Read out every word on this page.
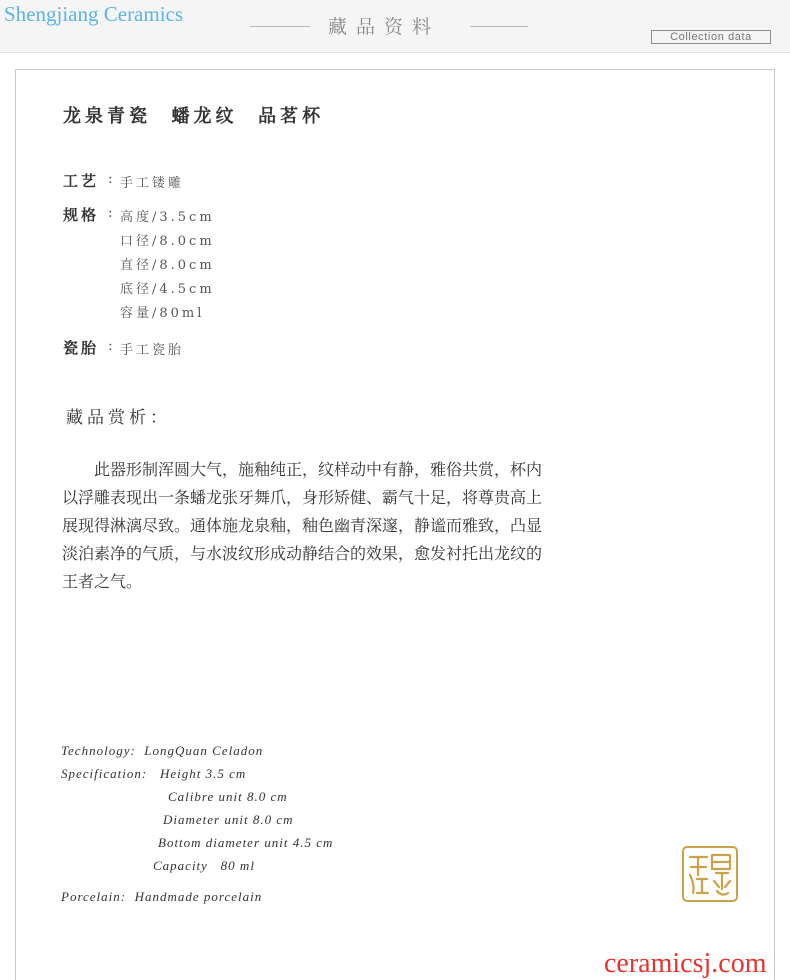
Shengjiang Ceramics
藏品资料	Collection data
龙泉青瓷  蟠龙纹  品茗杯
工艺 : 手工镂雕
规格 : 高度/3.5cm
口径/8.0cm
直径/8.0cm
底径/4.5cm
容量/80ml
瓷胎 : 手工瓷胎
藏品赏析：

此器形制浑圆大气，施釉纯正，纹样动中有静，雅俗共赏，杯内以浮雕表现出一条蟠龙张牙舞爪，身形矫健、霸气十足，将尊贵高上展现得淋漓尽致。通体施龙泉釉，釉色幽青深邃，静谧而雅致，凸显淡泊素净的气质，与水波纹形成动静结合的效果，愈发衬托出龙纹的王者之气。

Technology:  LongQuan Celadon
Specification:   Height 3.5 cm
Calibre unit 8.0 cm
Diameter unit 8.0 cm
Bottom diameter unit 4.5 cm
Capacity   80 ml
Porcelain:  Handmade porcelain
ceramicsj.com
